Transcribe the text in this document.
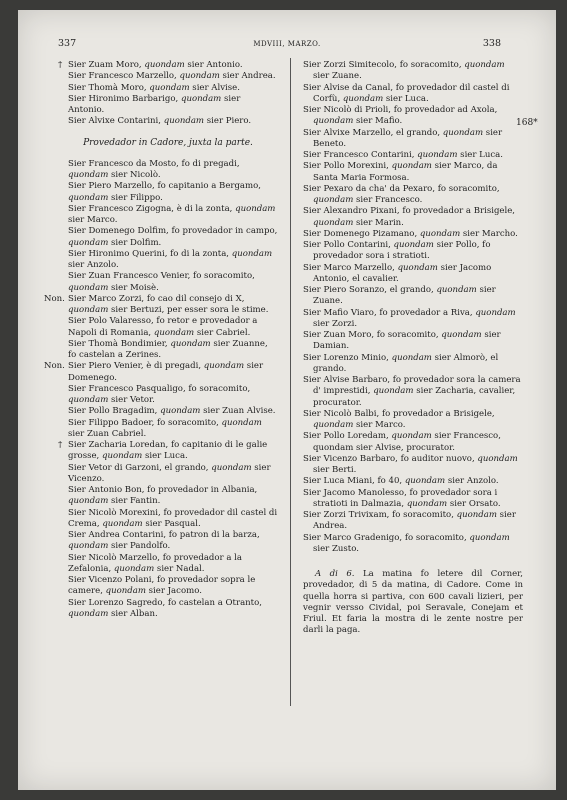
337	MDVIII, MARZO.	338

† Sier Zuam Moro, quondam sier Antonio.

Sier Francesco Marzello, quondam sier Andrea.

Sier Thomà Moro, quondam sier Alvise.

Sier Hironimo Barbarigo, quondam sier Antonio.

Sier Alvixe Contarini, quondam sier Piero.

Provedador in Cadore, juxta la parte.

Sier Francesco da Mosto, fo di pregadi, quondam sier Nicolò.

Sier Piero Marzello, fo capitanio a Bergamo, quondam sier Filippo.

Sier Francesco Zigogna, è di la zonta, quondam sier Marco.

Sier Domenego Dolfim, fo provedador in campo, quondam sier Dolfim.

Sier Hironimo Querini, fo di la zonta, quondam sier Anzolo.

Sier Zuan Francesco Venier, fo soracomito, quondam sier Moisè.

Non. Sier Marco Zorzi, fo cao dil consejo di X, quondam sier Bertuzi, per esser sora le stime.

Sier Polo Valaresso, fo retor e provedador a Napoli di Romania, quondam sier Cabriel.

Sier Thomà Bondimier, quondam sier Zuanne, fo castelan a Zerines.

Non. Sier Piero Venier, è di pregadi, quondam sier Domenego.

Sier Francesco Pasqualigo, fo soracomito, quondam sier Vetor.

Sier Pollo Bragadim, quondam sier Zuan Alvise.

Sier Filippo Badoer, fo soracomito, quondam sier Zuan Cabriel.

† Sier Zacharia Loredan, fo capitanio di le galie grosse, quondam sier Luca.

Sier Vetor di Garzoni, el grando, quondam sier Vicenzo.

Sier Antonio Bon, fo provedador in Albania, quondam sier Fantin.

Sier Nicolò Morexini, fo provedador dil castel di Crema, quondam sier Pasqual.

Sier Andrea Contarini, fo patron di la barza, quondam sier Pandolfo.

Sier Nicolò Marzello, fo provedador a la Zefalonia, quondam sier Nadal.

Sier Vicenzo Polani, fo provedador sopra le camere, quondam sier Jacomo.

Sier Lorenzo Sagredo, fo castelan a Otranto, quondam sier Alban.

Sier Zorzi Simitecolo, fo soracomito, quondam sier Zuane.

Sier Alvise da Canal, fo provedador dil castel di Corfù, quondam sier Luca.

Sier Nicolò di Prioli, fo provedador ad Axola, quondam sier Mafio.

Sier Alvixe Marzello, el grando, quondam sier Beneto.

Sier Francesco Contarini, quondam sier Luca.

Sier Pollo Morexini, quondam sier Marco, da Santa Maria Formosa.

Sier Pexaro da cha' da Pexaro, fo soracomito, quondam sier Francesco.

Sier Alexandro Pixani, fo provedador a Brisigele, quondam sier Marin.

Sier Domenego Pizamano, quondam sier Marcho.

Sier Pollo Contarini, quondam sier Pollo, fo provedador sora i stratioti.

Sier Marco Marzello, quondam sier Jacomo Antonio, el cavalier.

Sier Piero Soranzo, el grando, quondam sier Zuane.

Sier Mafio Viaro, fo provedador a Riva, quondam sier Zorzi.

Sier Zuan Moro, fo soracomito, quondam sier Damian.

Sier Lorenzo Minio, quondam sier Almorò, el grando.

Sier Alvise Barbaro, fo provedador sora la camera d' imprestidi, quondam sier Zacharia, cavalier, procurator.

Sier Nicolò Balbi, fo provedador a Brisigele, quondam sier Marco.

Sier Pollo Loredam, quondam sier Francesco, quondam sier Alvise, procurator.

Sier Vicenzo Barbaro, fo auditor nuovo, quondam sier Berti.

Sier Luca Miani, fo 40, quondam sier Anzolo.

Sier Jacomo Manolesso, fo provedador sora i stratioti in Dalmazia, quondam sier Orsato.

Sier Zorzi Trivixam, fo soracomito, quondam sier Andrea.

Sier Marco Gradenigo, fo soracomito, quondam sier Zusto.

A di 6. La matina fo letere dil Corner, provedador, di 5 da matina, di Cadore. Come in quella horra si partiva, con 600 cavali lizieri, per vegnir versso Cividal, poi Seravale, Conejam et Friul. Et faria la mostra di le zente nostre per darli la paga.

168*
